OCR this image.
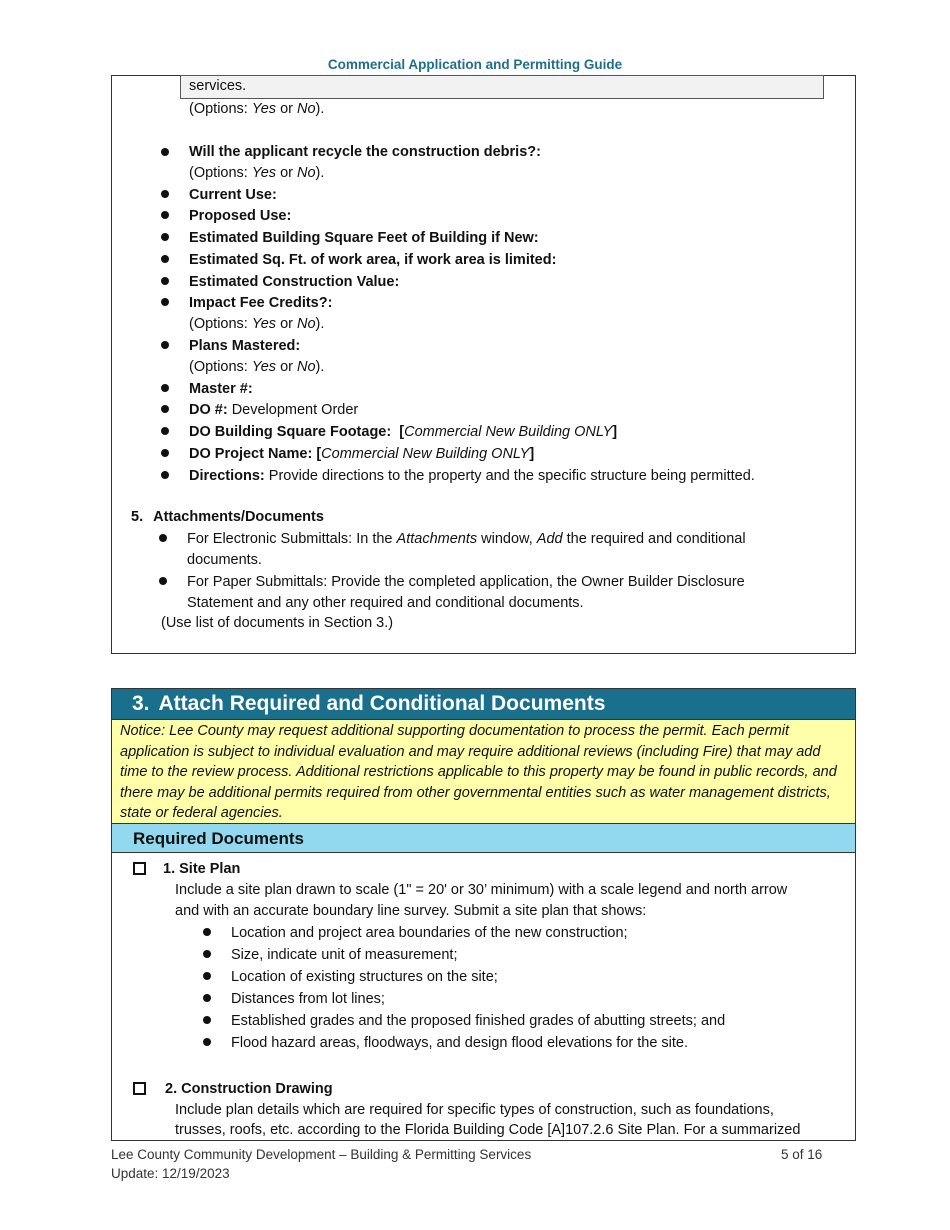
Commercial Application and Permitting Guide
services.
(Options: Yes or No).
Will the applicant recycle the construction debris?:
(Options: Yes or No).
Current Use:
Proposed Use:
Estimated Building Square Feet of Building if New:
Estimated Sq. Ft. of work area, if work area is limited:
Estimated Construction Value:
Impact Fee Credits?:
(Options: Yes or No).
Plans Mastered:
(Options: Yes or No).
Master #:
DO #: Development Order
DO Building Square Footage:  [Commercial New Building ONLY]
DO Project Name: [Commercial New Building ONLY]
Directions: Provide directions to the property and the specific structure being permitted.
5. Attachments/Documents
For Electronic Submittals: In the Attachments window, Add the required and conditional
documents.
For Paper Submittals: Provide the completed application, the Owner Builder Disclosure
Statement and any other required and conditional documents.
(Use list of documents in Section 3.)
3. Attach Required and Conditional Documents
Notice: Lee County may request additional supporting documentation to process the permit. Each permit application is subject to individual evaluation and may require additional reviews (including Fire) that may add time to the review process. Additional restrictions applicable to this property may be found in public records, and there may be additional permits required from other governmental entities such as water management districts, state or federal agencies.
Required Documents
1. Site Plan
Include a site plan drawn to scale (1" = 20' or 30’ minimum) with a scale legend and north arrow
and with an accurate boundary line survey. Submit a site plan that shows:
Location and project area boundaries of the new construction;
Size, indicate unit of measurement;
Location of existing structures on the site;
Distances from lot lines;
Established grades and the proposed finished grades of abutting streets; and
Flood hazard areas, floodways, and design flood elevations for the site.
2. Construction Drawing
Include plan details which are required for specific types of construction, such as foundations,
trusses, roofs, etc. according to the Florida Building Code [A]107.2.6 Site Plan. For a summarized
Lee County Community Development – Building & Permitting Services
Update: 12/19/2023
5 of 16
